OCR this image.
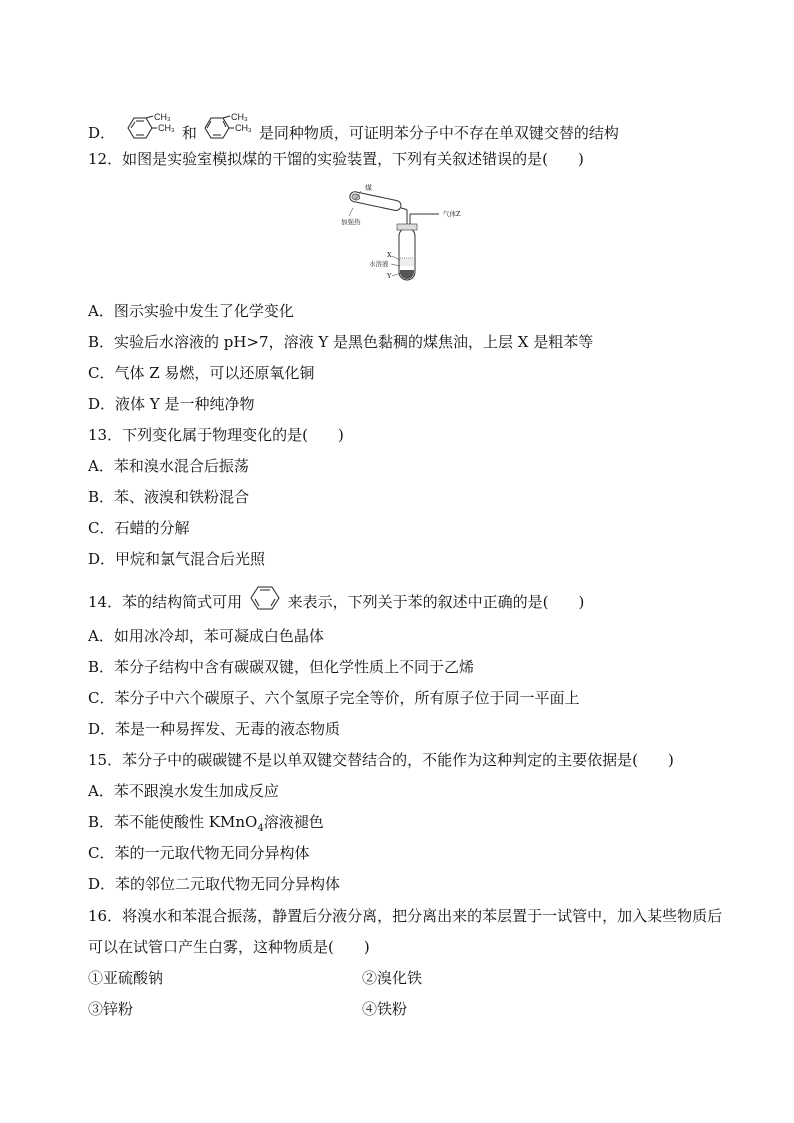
D．
CH₃
CH₃ 和
CH₃
CH₃ 是同种物质，可证明苯分子中不存在单双键交替的结构
12．如图是实验室模拟煤的干馏的实验装置，下列有关叙述错误的是(　　)
煤
加强热
气体Z
X
水溶液
Y
A．图示实验中发生了化学变化
B．实验后水溶液的 pH>7，溶液 Y 是黑色黏稠的煤焦油，上层 X 是粗苯等
C．气体 Z 易燃，可以还原氧化铜
D．液体 Y 是一种纯净物
13．下列变化属于物理变化的是(　　)
A．苯和溴水混合后振荡
B．苯、液溴和铁粉混合
C．石蜡的分解
D．甲烷和氯气混合后光照
14．苯的结构简式可用	来表示，下列关于苯的叙述中正确的是(　　)
A．如用冰冷却，苯可凝成白色晶体
B．苯分子结构中含有碳碳双键，但化学性质上不同于乙烯
C．苯分子中六个碳原子、六个氢原子完全等价，所有原子位于同一平面上
D．苯是一种易挥发、无毒的液态物质
15．苯分子中的碳碳键不是以单双键交替结合的，不能作为这种判定的主要依据是(　　)
A．苯不跟溴水发生加成反应
B．苯不能使酸性 KMnO$_4$溶液褪色
C．苯的一元取代物无同分异构体
D．苯的邻位二元取代物无同分异构体
16．将溴水和苯混合振荡，静置后分液分离，把分离出来的苯层置于一试管中，加入某些物质后可以在试管口产生白雾，这种物质是(　　)
①亚硫酸钠	②溴化铁
③锌粉	④铁粉
